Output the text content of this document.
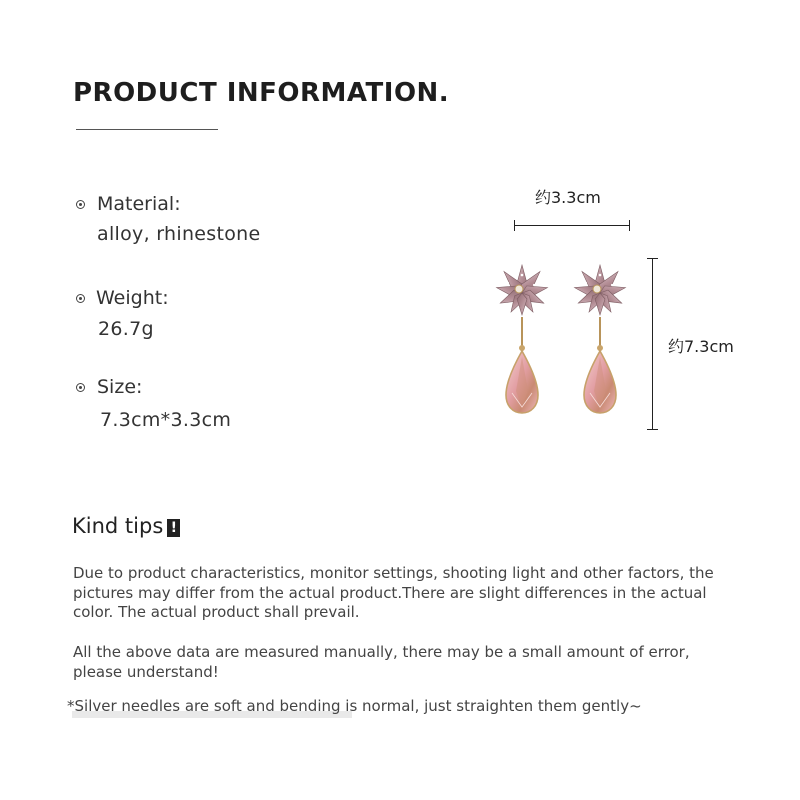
PRODUCT INFORMATION.
Material:
alloy, rhinestone
Weight:
26.7g
Size:
7.3cm*3.3cm
约3.3cm
约7.3cm
Kind tips !
Due to product characteristics, monitor settings, shooting light and other factors, the pictures may differ from the actual product.There are slight differences in the actual color. The actual product shall prevail.
All the above data are measured manually, there may be a small amount of error, please understand!
*Silver needles are soft and bending is normal, just straighten them gently~
